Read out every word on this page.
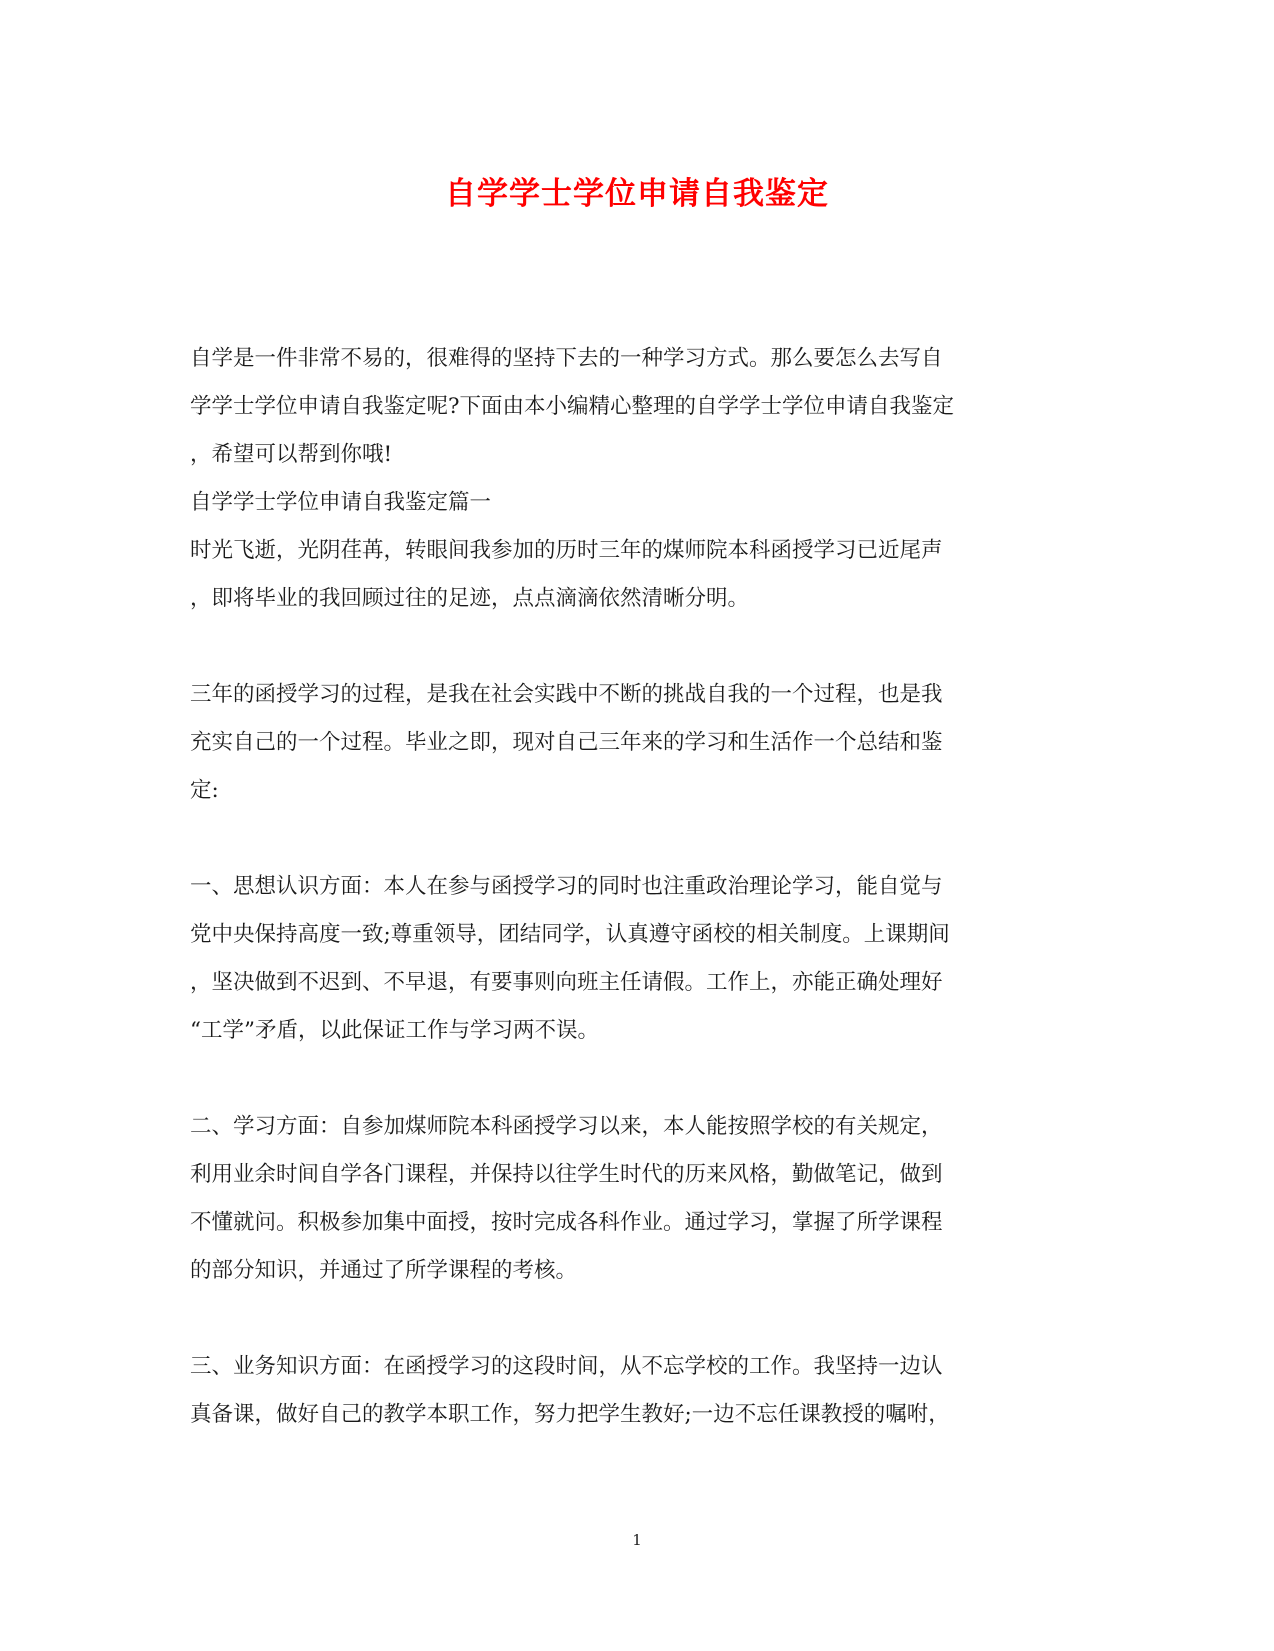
自学学士学位申请自我鉴定
自学是一件非常不易的，很难得的坚持下去的一种学习方式。那么要怎么去写自
学学士学位申请自我鉴定呢?下面由本小编精心整理的自学学士学位申请自我鉴定
，希望可以帮到你哦!
自学学士学位申请自我鉴定篇一
时光飞逝，光阴荏苒，转眼间我参加的历时三年的煤师院本科函授学习已近尾声
，即将毕业的我回顾过往的足迹，点点滴滴依然清晰分明。
三年的函授学习的过程，是我在社会实践中不断的挑战自我的一个过程，也是我
充实自己的一个过程。毕业之即，现对自己三年来的学习和生活作一个总结和鉴
定:
一、思想认识方面：本人在参与函授学习的同时也注重政治理论学习，能自觉与
党中央保持高度一致;尊重领导，团结同学，认真遵守函校的相关制度。上课期间
，坚决做到不迟到、不早退，有要事则向班主任请假。工作上，亦能正确处理好
“工学”矛盾，以此保证工作与学习两不误。
二、学习方面：自参加煤师院本科函授学习以来，本人能按照学校的有关规定，
利用业余时间自学各门课程，并保持以往学生时代的历来风格，勤做笔记，做到
不懂就问。积极参加集中面授，按时完成各科作业。通过学习，掌握了所学课程
的部分知识，并通过了所学课程的考核。
三、业务知识方面：在函授学习的这段时间，从不忘学校的工作。我坚持一边认
真备课，做好自己的教学本职工作，努力把学生教好;一边不忘任课教授的嘱咐，
1
